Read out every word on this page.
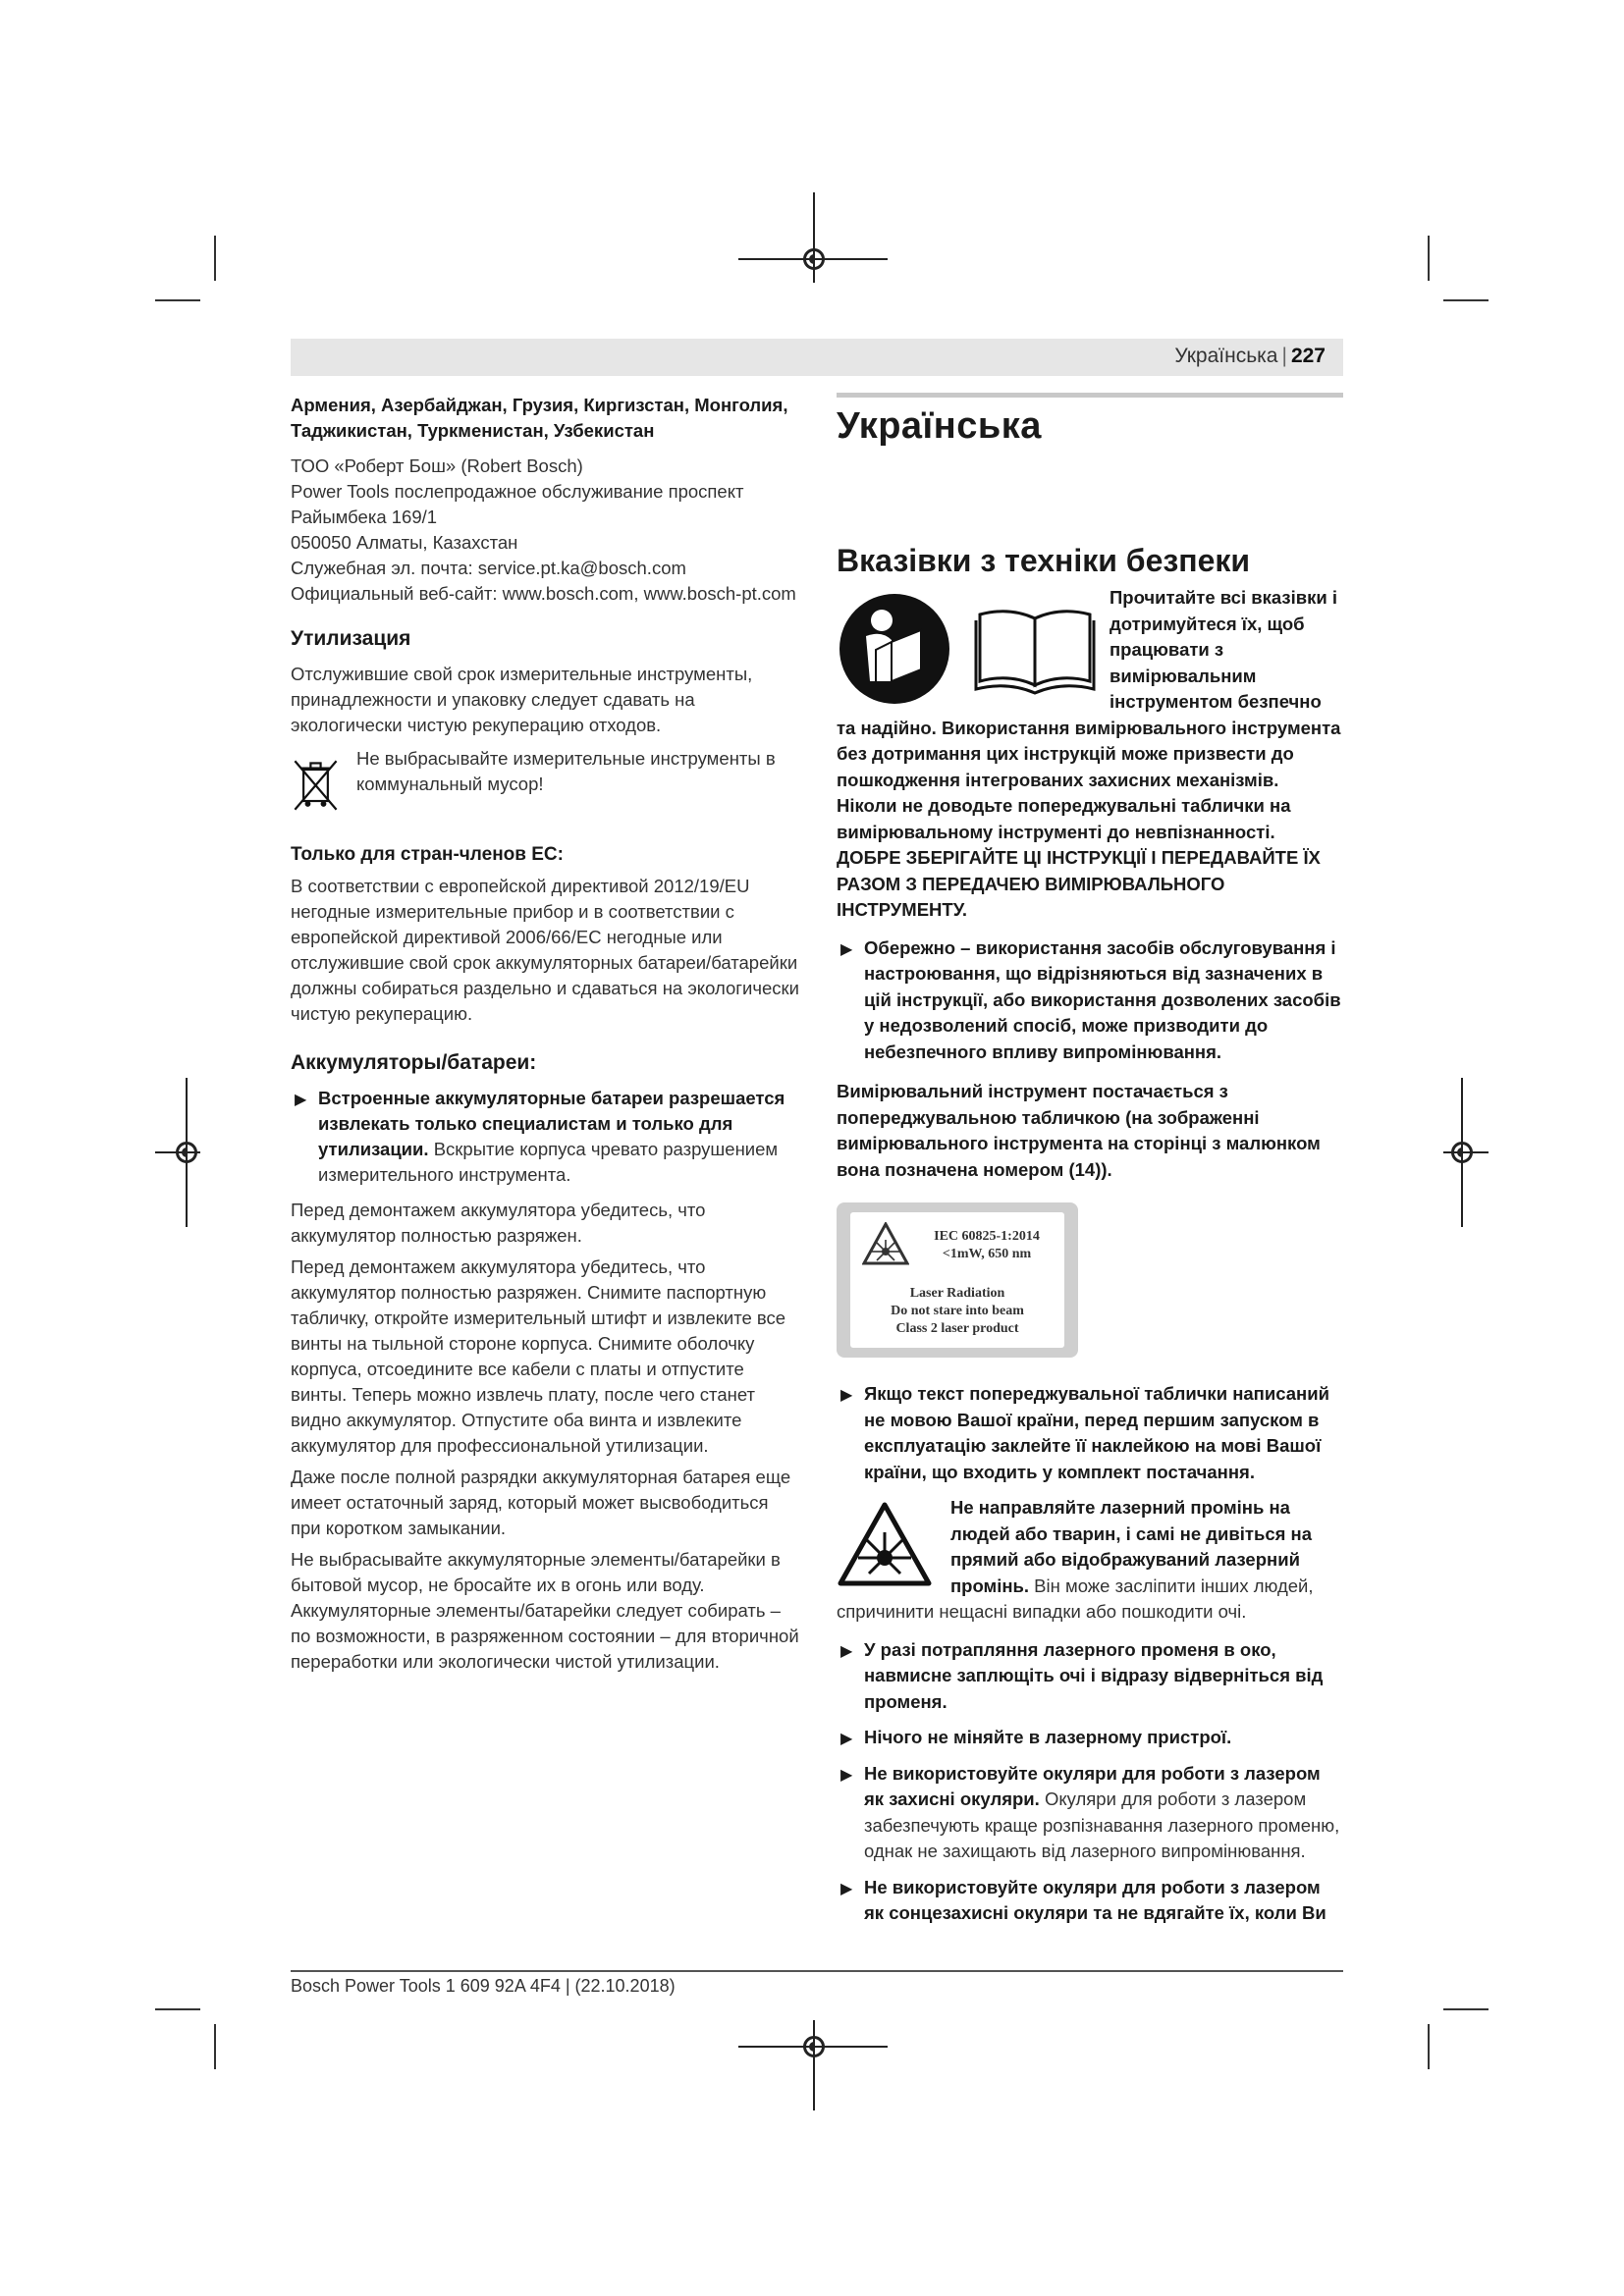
Українська | 227

Армения, Азербайджан, Грузия, Киргизстан, Монголия, Таджикистан, Туркменистан, Узбекистан

ТОО «Роберт Бош» (Robert Bosch)
Power Tools послепродажное обслуживание проспект Райымбека 169/1
050050 Алматы, Казахстан
Служебная эл. почта: service.pt.ka@bosch.com
Официальный веб-сайт: www.bosch.com, www.bosch-pt.com
Утилизация

Отслужившие свой срок измерительные инструменты, принадлежности и упаковку следует сдавать на экологически чистую рекуперацию отходов.

Не выбрасывайте измерительные инструменты в коммунальный мусор!
Только для стран-членов ЕС:

В соответствии с европейской директивой 2012/19/EU негодные измерительные прибор и в соответствии с европейской директивой 2006/66/EC негодные или отслужившие свой срок аккумуляторных батареи/батарейки должны собираться раздельно и сдаваться на экологически чистую рекуперацию.

Аккумуляторы/батареи:
▶ Встроенные аккумуляторные батареи разрешается извлекать только специалистам и только для утилизации. Вскрытие корпуса чревато разрушением измерительного инструмента.

Перед демонтажем аккумулятора убедитесь, что аккумулятор полностью разряжен.

Перед демонтажем аккумулятора убедитесь, что аккумулятор полностью разряжен. Снимите паспортную табличку, откройте измерительный штифт и извлеките все винты на тыльной стороне корпуса. Снимите оболочку корпуса, отсоедините все кабели с платы и отпустите винты. Теперь можно извлечь плату, после чего станет видно аккумулятор. Отпустите оба винта и извлеките аккумулятор для профессиональной утилизации.

Даже после полной разрядки аккумуляторная батарея еще имеет остаточный заряд, который может высвободиться при коротком замыкании.

Не выбрасывайте аккумуляторные элементы/батарейки в бытовой мусор, не бросайте их в огонь или воду. Аккумуляторные элементы/батарейки следует собирать – по возможности, в разряженном состоянии – для вторичной переработки или экологически чистой утилизации.

Українська
Вказівки з техніки безпеки

Прочитайте всі вказівки і дотримуйтеся їх, щоб працювати з вимірювальним інструментом безпечно та надійно. Використання вимірювального інструмента без дотримання цих інструкцій може призвести до пошкодження інтегрованих захисних механізмів. Ніколи не доводьте попереджувальні таблички на вимірювальному інструменті до невпізнанності. ДОБРЕ ЗБЕРІГАЙТЕ ЦІ ІНСТРУКЦІЇ І ПЕРЕДАВАЙТЕ ЇХ РАЗОМ З ПЕРЕДАЧЕЮ ВИМІРЮВАЛЬНОГО ІНСТРУМЕНТУ.

▶ Обережно – використання засобів обслуговування і настроювання, що відрізняються від зазначених в цій інструкції, або використання дозволених засобів у недозволений спосіб, може призводити до небезпечного впливу випромінювання.

Вимірювальний інструмент постачається з попереджувальною табличкою (на зображенні вимірювального інструмента на сторінці з малюнком вона позначена номером (14)).

IEC 60825-1:2014
<1mW, 650 nm
Laser Radiation
Do not stare into beam
Class 2 laser product
▶ Якщо текст попереджувальної таблички написаний не мовою Вашої країни, перед першим запуском в експлуатацію заклейте її наклейкою на мові Вашої країни, що входить у комплект постачання.

Не направляйте лазерний промінь на людей або тварин, і самі не дивіться на прямий або відображуваний лазерний промінь. Він може засліпити інших людей, спричинити нещасні випадки або пошкодити очі.

▶ У разі потрапляння лазерного променя в око, навмисне заплющіть очі і відразу відверніться від променя.
▶ Нічого не міняйте в лазерному пристрої.
▶ Не використовуйте окуляри для роботи з лазером як захисні окуляри. Окуляри для роботи з лазером забезпечують краще розпізнавання лазерного променю, однак не захищають від лазерного випромінювання.
▶ Не використовуйте окуляри для роботи з лазером як сонцезахисні окуляри та не вдягайте їх, коли Ви
Bosch Power Tools 1 609 92A 4F4 | (22.10.2018)
